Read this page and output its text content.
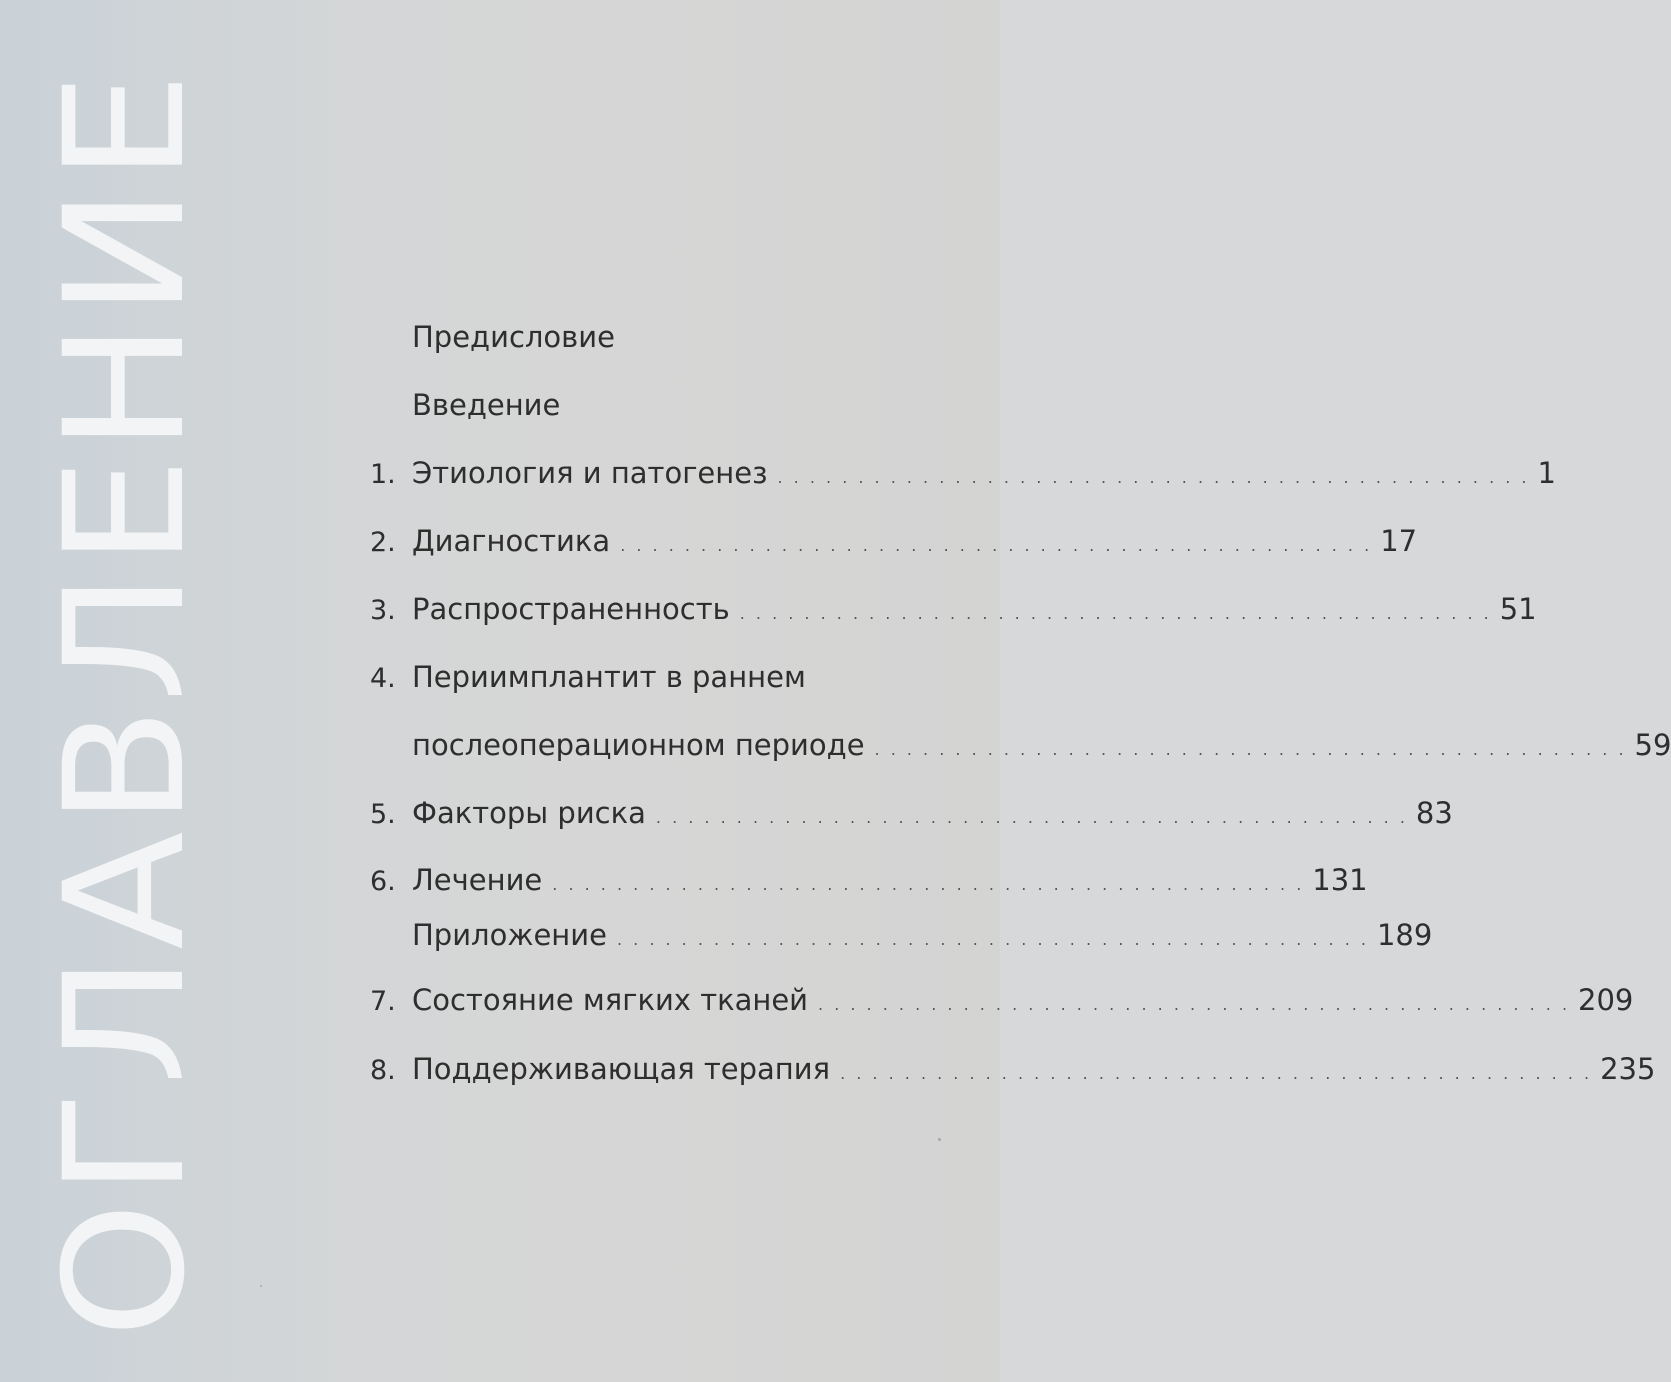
О
Г
Л
А
В
Л
Е
Н
И
Е
Предисловие
Введение
1. Этиология и патогенез . . . . . . . . . . . . . . . . . . . . . . . . . . . . . . . . . . . . . . . . . . . . . . . 1
2. Диагностика . . . . . . . . . . . . . . . . . . . . . . . . . . . . . . . . . . . . . . . . . . . . . . . 17
3. Распространенность . . . . . . . . . . . . . . . . . . . . . . . . . . . . . . . . . . . . . . . . . . . . . . . 51
4. Периимплантит в раннем
послеоперационном периоде . . . . . . . . . . . . . . . . . . . . . . . . . . . . . . . . . . . . . . . . . . . . . . . 59
5. Факторы риска . . . . . . . . . . . . . . . . . . . . . . . . . . . . . . . . . . . . . . . . . . . . . . . 83
6. Лечение . . . . . . . . . . . . . . . . . . . . . . . . . . . . . . . . . . . . . . . . . . . . . . . 131
Приложение . . . . . . . . . . . . . . . . . . . . . . . . . . . . . . . . . . . . . . . . . . . . . . . 189
7. Состояние мягких тканей . . . . . . . . . . . . . . . . . . . . . . . . . . . . . . . . . . . . . . . . . . . . . . . 209
8. Поддерживающая терапия . . . . . . . . . . . . . . . . . . . . . . . . . . . . . . . . . . . . . . . . . . . . . . . 235
